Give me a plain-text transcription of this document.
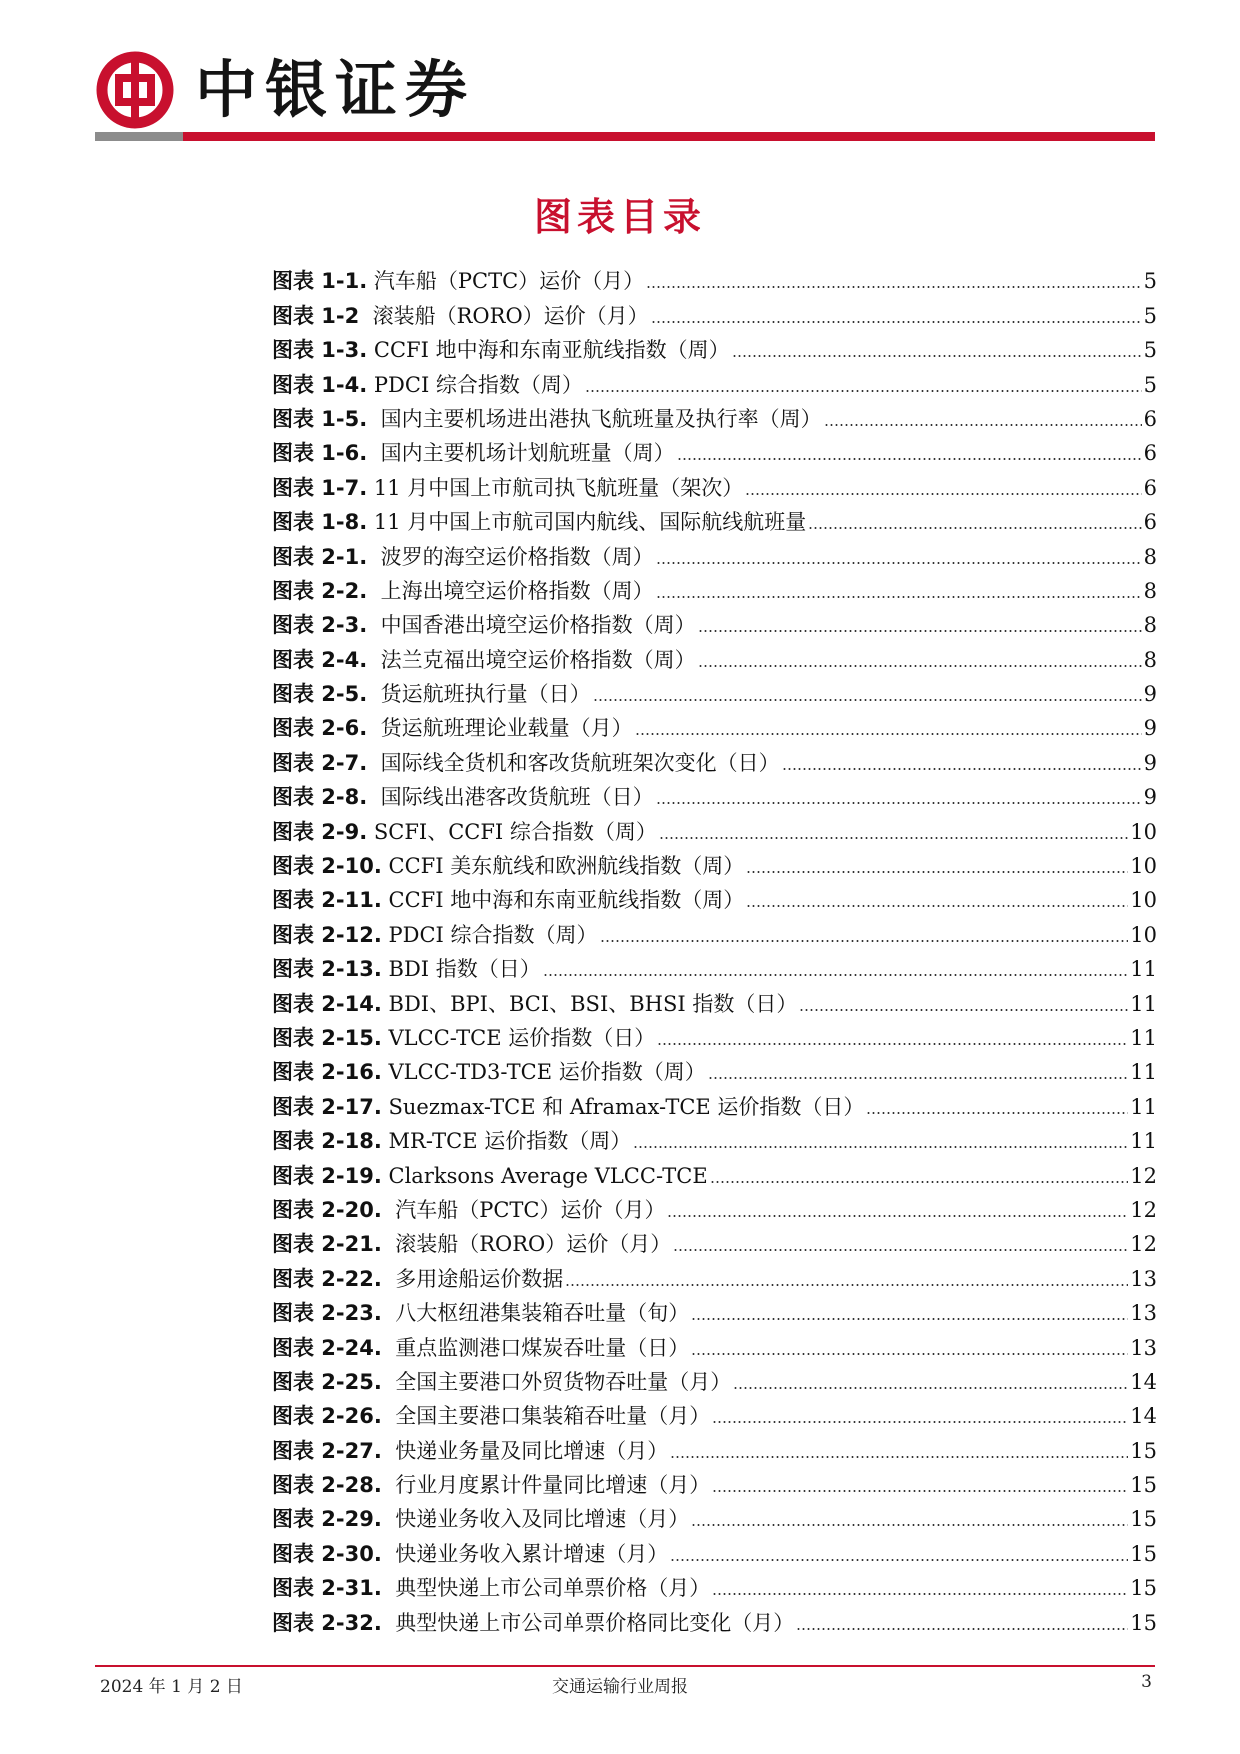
中银证券
图表目录
图表 1-1. 汽车船（PCTC）运价（月）	5
图表 1-2  滚装船（RORO）运价（月）	5
图表 1-3. CCFI 地中海和东南亚航线指数（周）	5
图表 1-4. PDCI 综合指数（周）	5
图表 1-5.  国内主要机场进出港执飞航班量及执行率（周）	6
图表 1-6.  国内主要机场计划航班量（周）	6
图表 1-7. 11 月中国上市航司执飞航班量（架次）	6
图表 1-8. 11 月中国上市航司国内航线、国际航线航班量	6
图表 2-1.  波罗的海空运价格指数（周）	8
图表 2-2.  上海出境空运价格指数（周）	8
图表 2-3.  中国香港出境空运价格指数（周）	8
图表 2-4.  法兰克福出境空运价格指数（周）	8
图表 2-5.  货运航班执行量（日）	9
图表 2-6.  货运航班理论业载量（月）	9
图表 2-7.  国际线全货机和客改货航班架次变化（日）	9
图表 2-8.  国际线出港客改货航班（日）	9
图表 2-9. SCFI、CCFI 综合指数（周）	10
图表 2-10. CCFI 美东航线和欧洲航线指数（周）	10
图表 2-11. CCFI 地中海和东南亚航线指数（周）	10
图表 2-12. PDCI 综合指数（周）	10
图表 2-13. BDI 指数（日）	11
图表 2-14. BDI、BPI、BCI、BSI、BHSI 指数（日）	11
图表 2-15. VLCC-TCE 运价指数（日）	11
图表 2-16. VLCC-TD3-TCE 运价指数（周）	11
图表 2-17. Suezmax-TCE 和 Aframax-TCE 运价指数（日）	11
图表 2-18. MR-TCE 运价指数（周）	11
图表 2-19. Clarksons Average VLCC-TCE	12
图表 2-20.  汽车船（PCTC）运价（月）	12
图表 2-21.  滚装船（RORO）运价（月）	12
图表 2-22.  多用途船运价数据	13
图表 2-23.  八大枢纽港集装箱吞吐量（旬）	13
图表 2-24.  重点监测港口煤炭吞吐量（日）	13
图表 2-25.  全国主要港口外贸货物吞吐量（月）	14
图表 2-26.  全国主要港口集装箱吞吐量（月）	14
图表 2-27.  快递业务量及同比增速（月）	15
图表 2-28.  行业月度累计件量同比增速（月）	15
图表 2-29.  快递业务收入及同比增速（月）	15
图表 2-30.  快递业务收入累计增速（月）	15
图表 2-31.  典型快递上市公司单票价格（月）	15
图表 2-32.  典型快递上市公司单票价格同比变化（月）	15
2024 年 1 月 2 日	交通运输行业周报	3
